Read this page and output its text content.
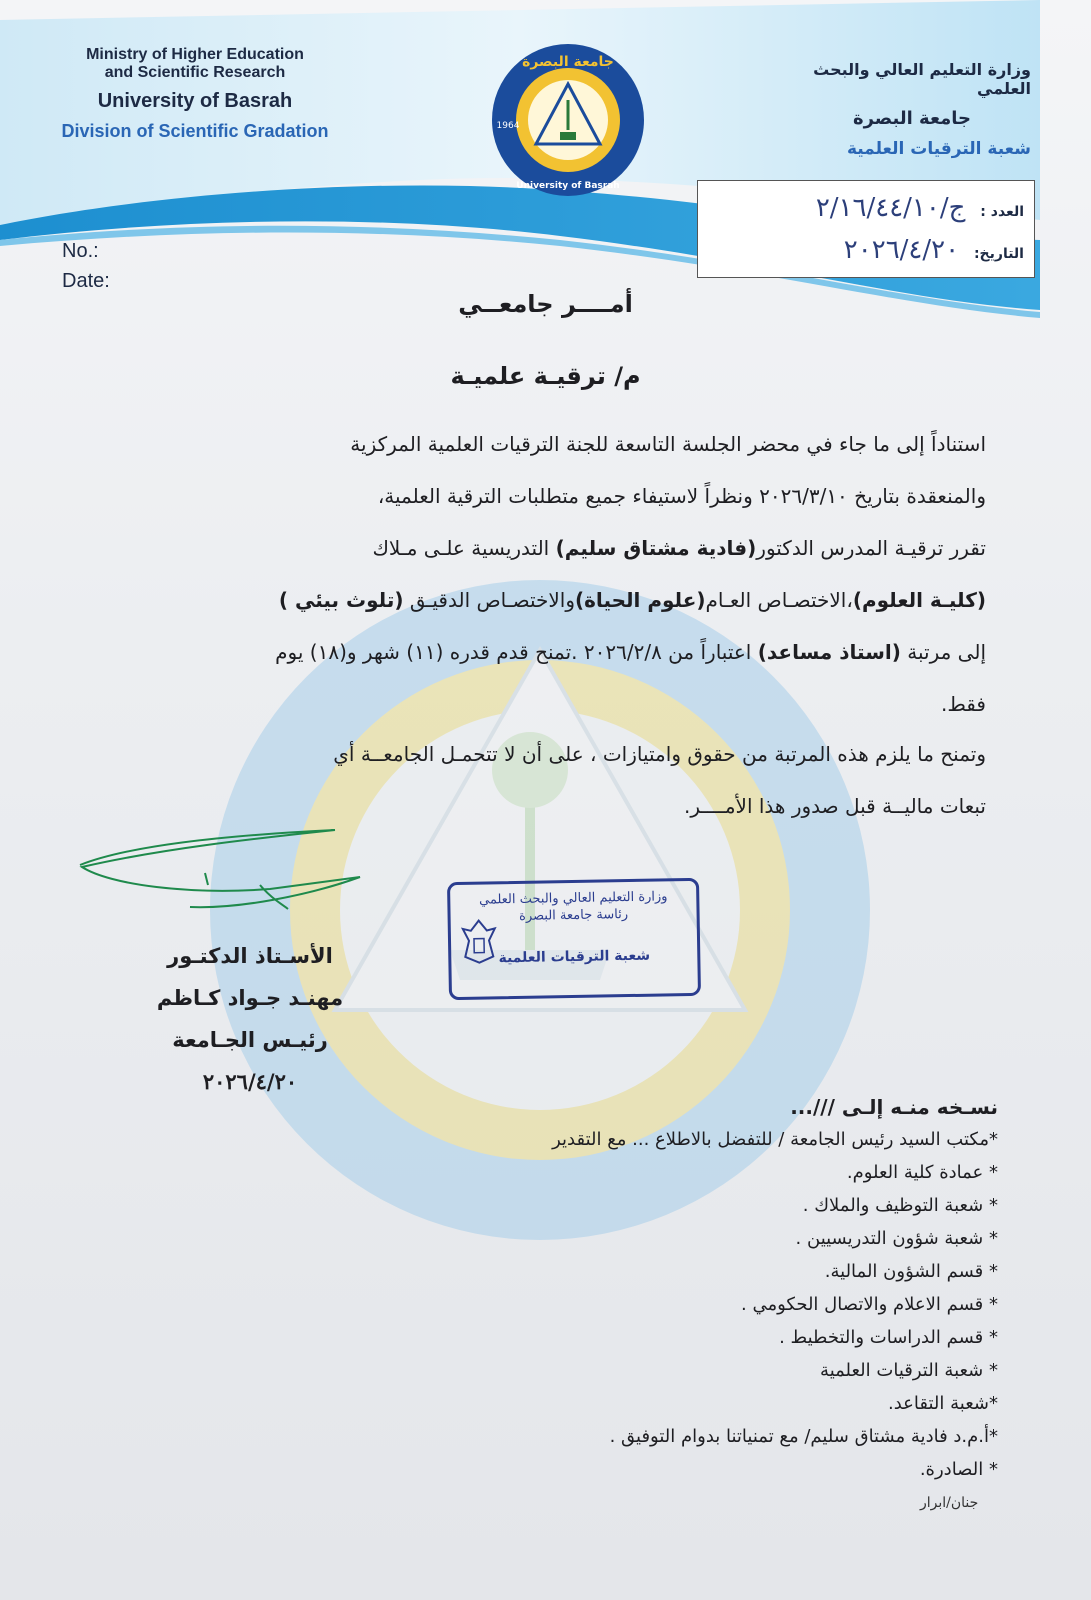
Ministry of Higher Education
and Scientific Research
University of Basrah
Division of Scientific Gradation
وزارة التعليم العالي والبحث العلمي
جامعة البصرة
شعبة الترقيات العلمية
جامعة البصرة
1964
University of Basrah
العدد : ج/٢/١٦/٤٤/١٠
التاريخ: ٢٠٢٦/٤/٢٠
No.:
Date:
أمــــر جامعــي
م/ ترقيـة علميـة
استناداً إلى ما جاء في محضر الجلسة التاسعة للجنة الترقيات العلمية المركزية
والمنعقدة بتاريخ ٢٠٢٦/٣/١٠ ونظراً لاستيفاء جميع متطلبات الترقية العلمية،
تقرر ترقيـة المدرس الدكتور(فادية مشتاق سليم) التدريسية علـى مـلاك
(كليـة العلوم)،الاختصـاص العـام(علوم الحياة)والاختصـاص الدقيـق (تلوث بيئي )
إلى مرتبة (استاذ مساعد) اعتباراً من ٢٠٢٦/٢/٨ .تمنح قدم قدره (١١) شهر و(١٨) يوم
فقط.
وتمنح ما يلزم هذه المرتبة من حقوق وامتيازات ، على أن لا تتحمـل الجامعــة أي
تبعات ماليــة قبل صدور هذا الأمــــر.
الأسـتاذ الدكتـور
مهنـد جـواد كـاظم
رئيـس الجـامعة
٢٠٢٦/٤/٢٠
وزارة التعليم العالي والبحث العلمي
رئاسة جامعة البصرة
شعبة الترقيات العلمية
نسـخه منـه إلـى ///...
*مكتب السيد رئيس الجامعة / للتفضل بالاطلاع ... مع التقدير
* عمادة كلية العلوم.
* شعبة التوظيف والملاك .
* شعبة شؤون التدريسيين .
* قسم الشؤون المالية.
* قسم الاعلام والاتصال الحكومي .
* قسم الدراسات والتخطيط .
* شعبة الترقيات العلمية
*شعبة التقاعد.
*أ.م.د فادية مشتاق سليم/ مع تمنياتنا بدوام التوفيق .
* الصادرة.
جنان/ابرار
